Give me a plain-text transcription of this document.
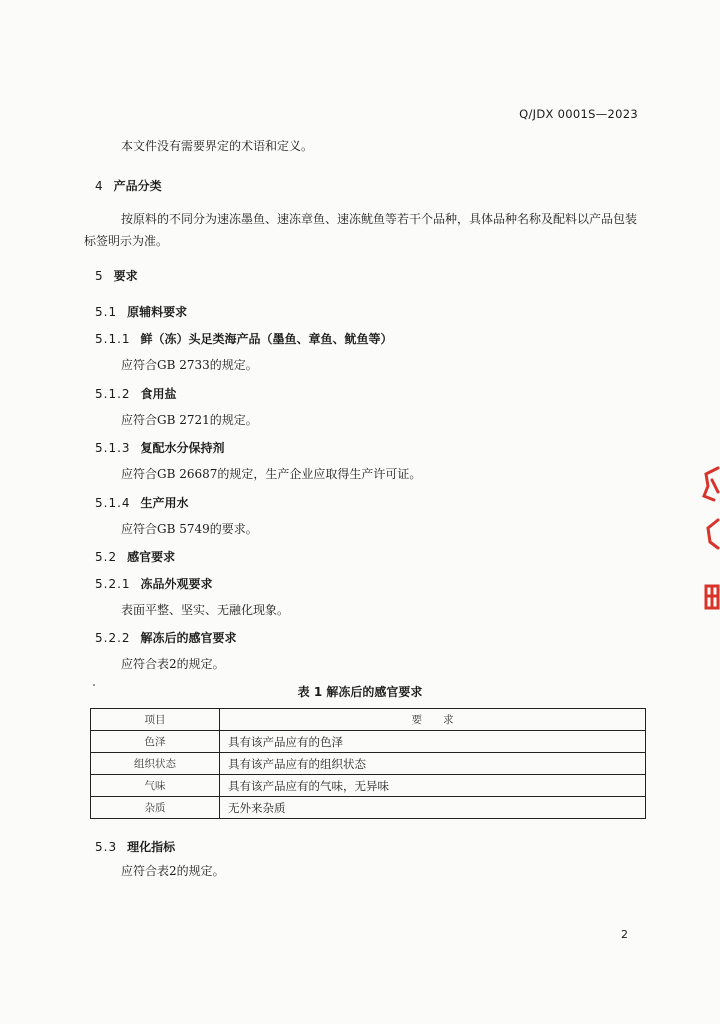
Q/JDX 0001S—2023
本文件没有需要界定的术语和定义。
4 产品分类
按原料的不同分为速冻墨鱼、速冻章鱼、速冻鱿鱼等若干个品种，具体品种名称及配料以产品包装标签明示为准。
5 要求
5.1 原辅料要求
5.1.1 鲜（冻）头足类海产品（墨鱼、章鱼、鱿鱼等）
应符合GB 2733的规定。
5.1.2 食用盐
应符合GB 2721的规定。
5.1.3 复配水分保持剂
应符合GB 26687的规定，生产企业应取得生产许可证。
5.1.4 生产用水
应符合GB 5749的要求。
5.2 感官要求
5.2.1 冻品外观要求
表面平整、坚实、无融化现象。
5.2.2 解冻后的感官要求
应符合表2的规定。
表 1 解冻后的感官要求
项目	要　　求
色泽	具有该产品应有的色泽
组织状态	具有该产品应有的组织状态
气味	具有该产品应有的气味，无异味
杂质	无外来杂质
5.3 理化指标
应符合表2的规定。
2
